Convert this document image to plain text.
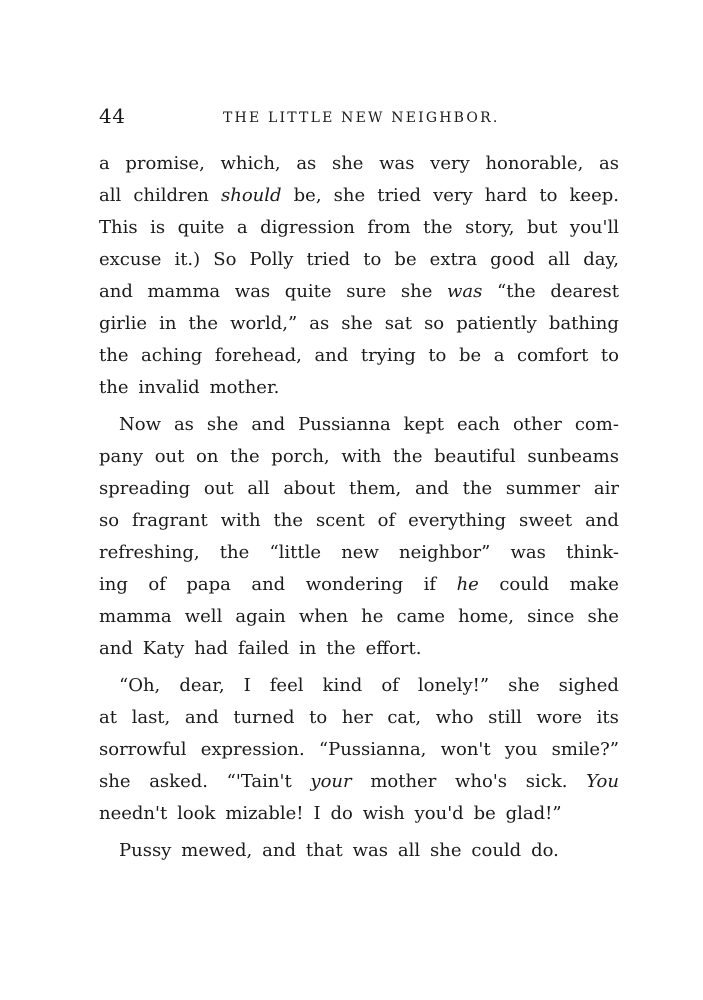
44	THE LITTLE NEW NEIGHBOR.
a promise, which, as she was very honorable, as
all children should be, she tried very hard to keep.
This is quite a digression from the story, but you'll
excuse it.) So Polly tried to be extra good all day,
and mamma was quite sure she was “the dearest
girlie in the world,” as she sat so patiently bathing
the aching forehead, and trying to be a comfort to
the invalid mother.
Now as she and Pussianna kept each other com-
pany out on the porch, with the beautiful sunbeams
spreading out all about them, and the summer air
so fragrant with the scent of everything sweet and
refreshing, the “little new neighbor” was think-
ing of papa and wondering if he could make
mamma well again when he came home, since she
and Katy had failed in the effort.
“Oh, dear, I feel kind of lonely!” she sighed
at last, and turned to her cat, who still wore its
sorrowful expression. “Pussianna, won't you smile?”
she asked. “'Tain't your mother who's sick. You
needn't look mizable! I do wish you'd be glad!”
Pussy mewed, and that was all she could do.
